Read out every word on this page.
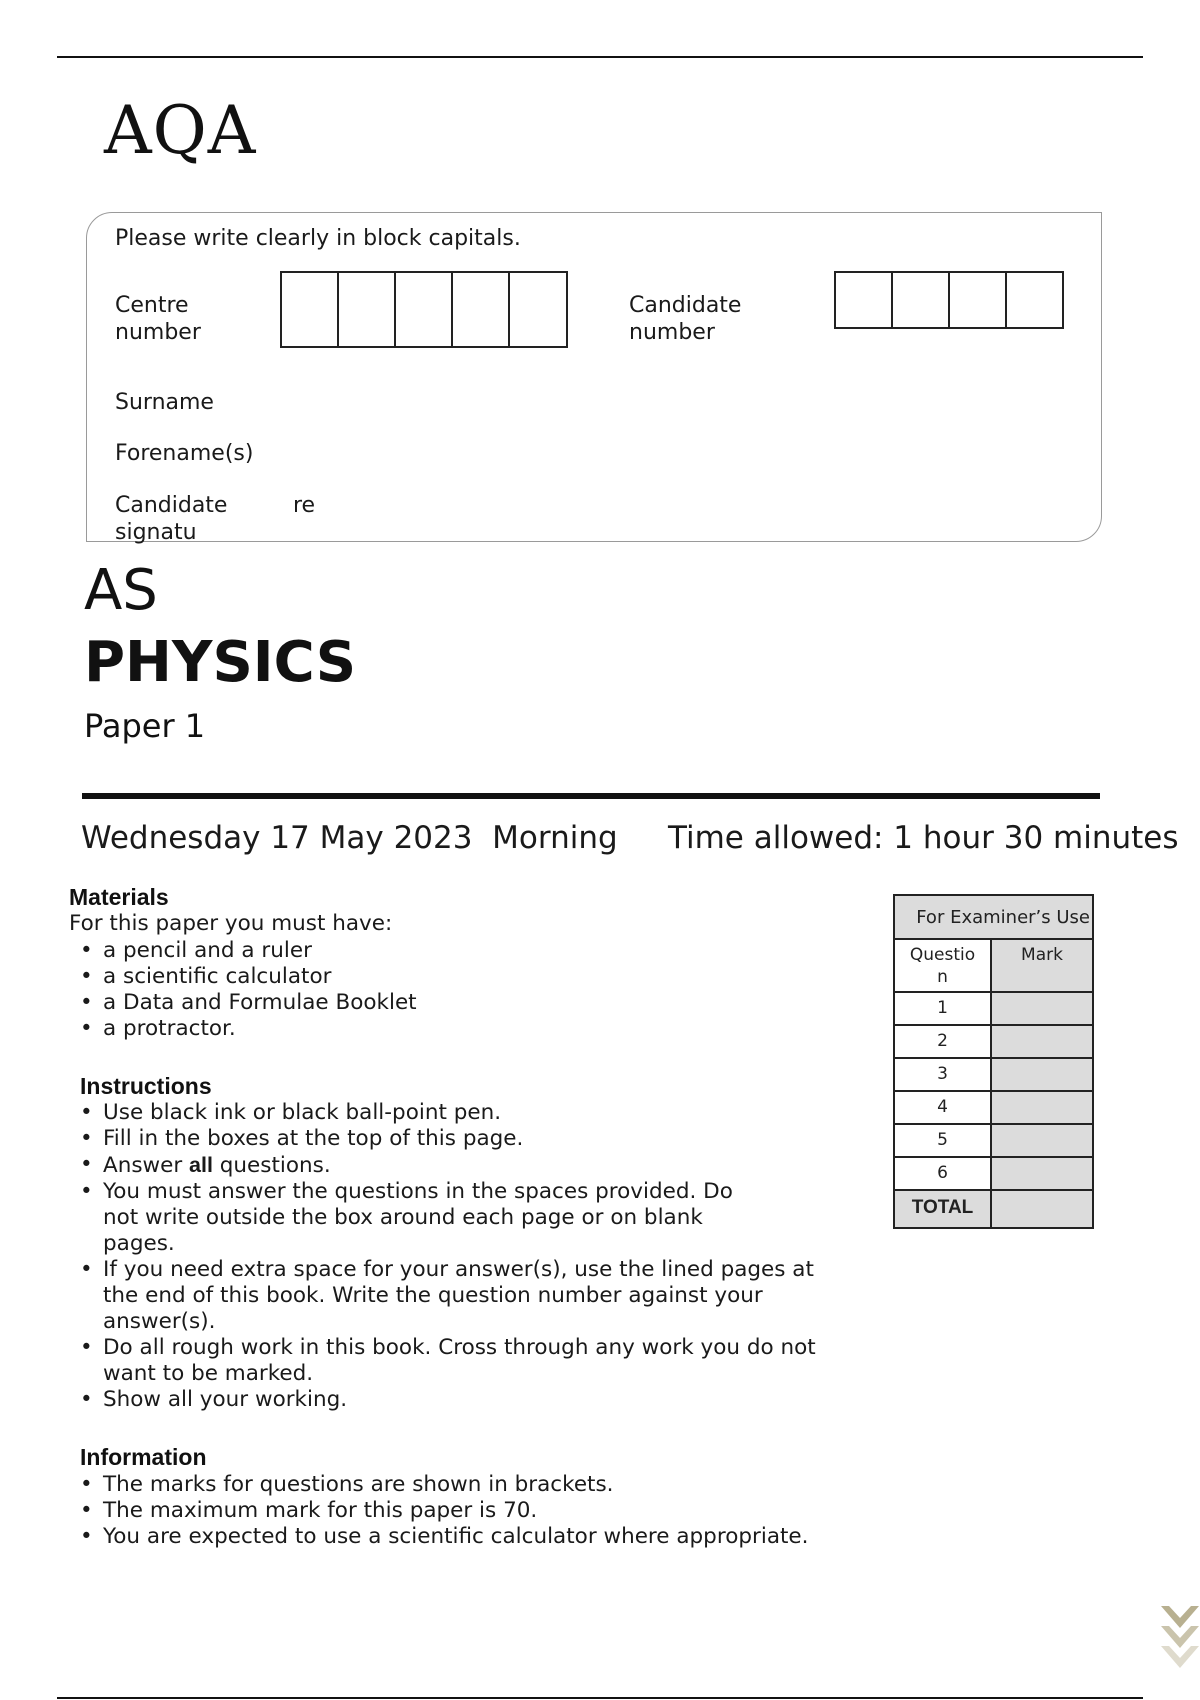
AQA
Please write clearly in block capitals.
Centre
number
Candidate
number
Surname
Forename(s)
Candidate
signatu
re
AS
PHYSICS
Paper 1
Wednesday 17 May 2023  Morning Time allowed: 1 hour 30 minutes
Materials
For this paper you must have:
• a pencil and a ruler
• a scientific calculator
• a Data and Formulae Booklet
• a protractor.
Instructions
• Use black ink or black ball-point pen.
• Fill in the boxes at the top of this page.
• Answer all questions.
• You must answer the questions in the spaces provided. Do not write outside the box around each page or on blank pages.
• If you need extra space for your answer(s), use the lined pages at the end of this book. Write the question number against your answer(s).
• Do all rough work in this book. Cross through any work you do not want to be marked.
• Show all your working.
Information
• The marks for questions are shown in brackets.
• The maximum mark for this paper is 70.
• You are expected to use a scientific calculator where appropriate.
For Examiner’s Use
Questio
n
Mark
1
2
3
4
5
6
TOTAL
